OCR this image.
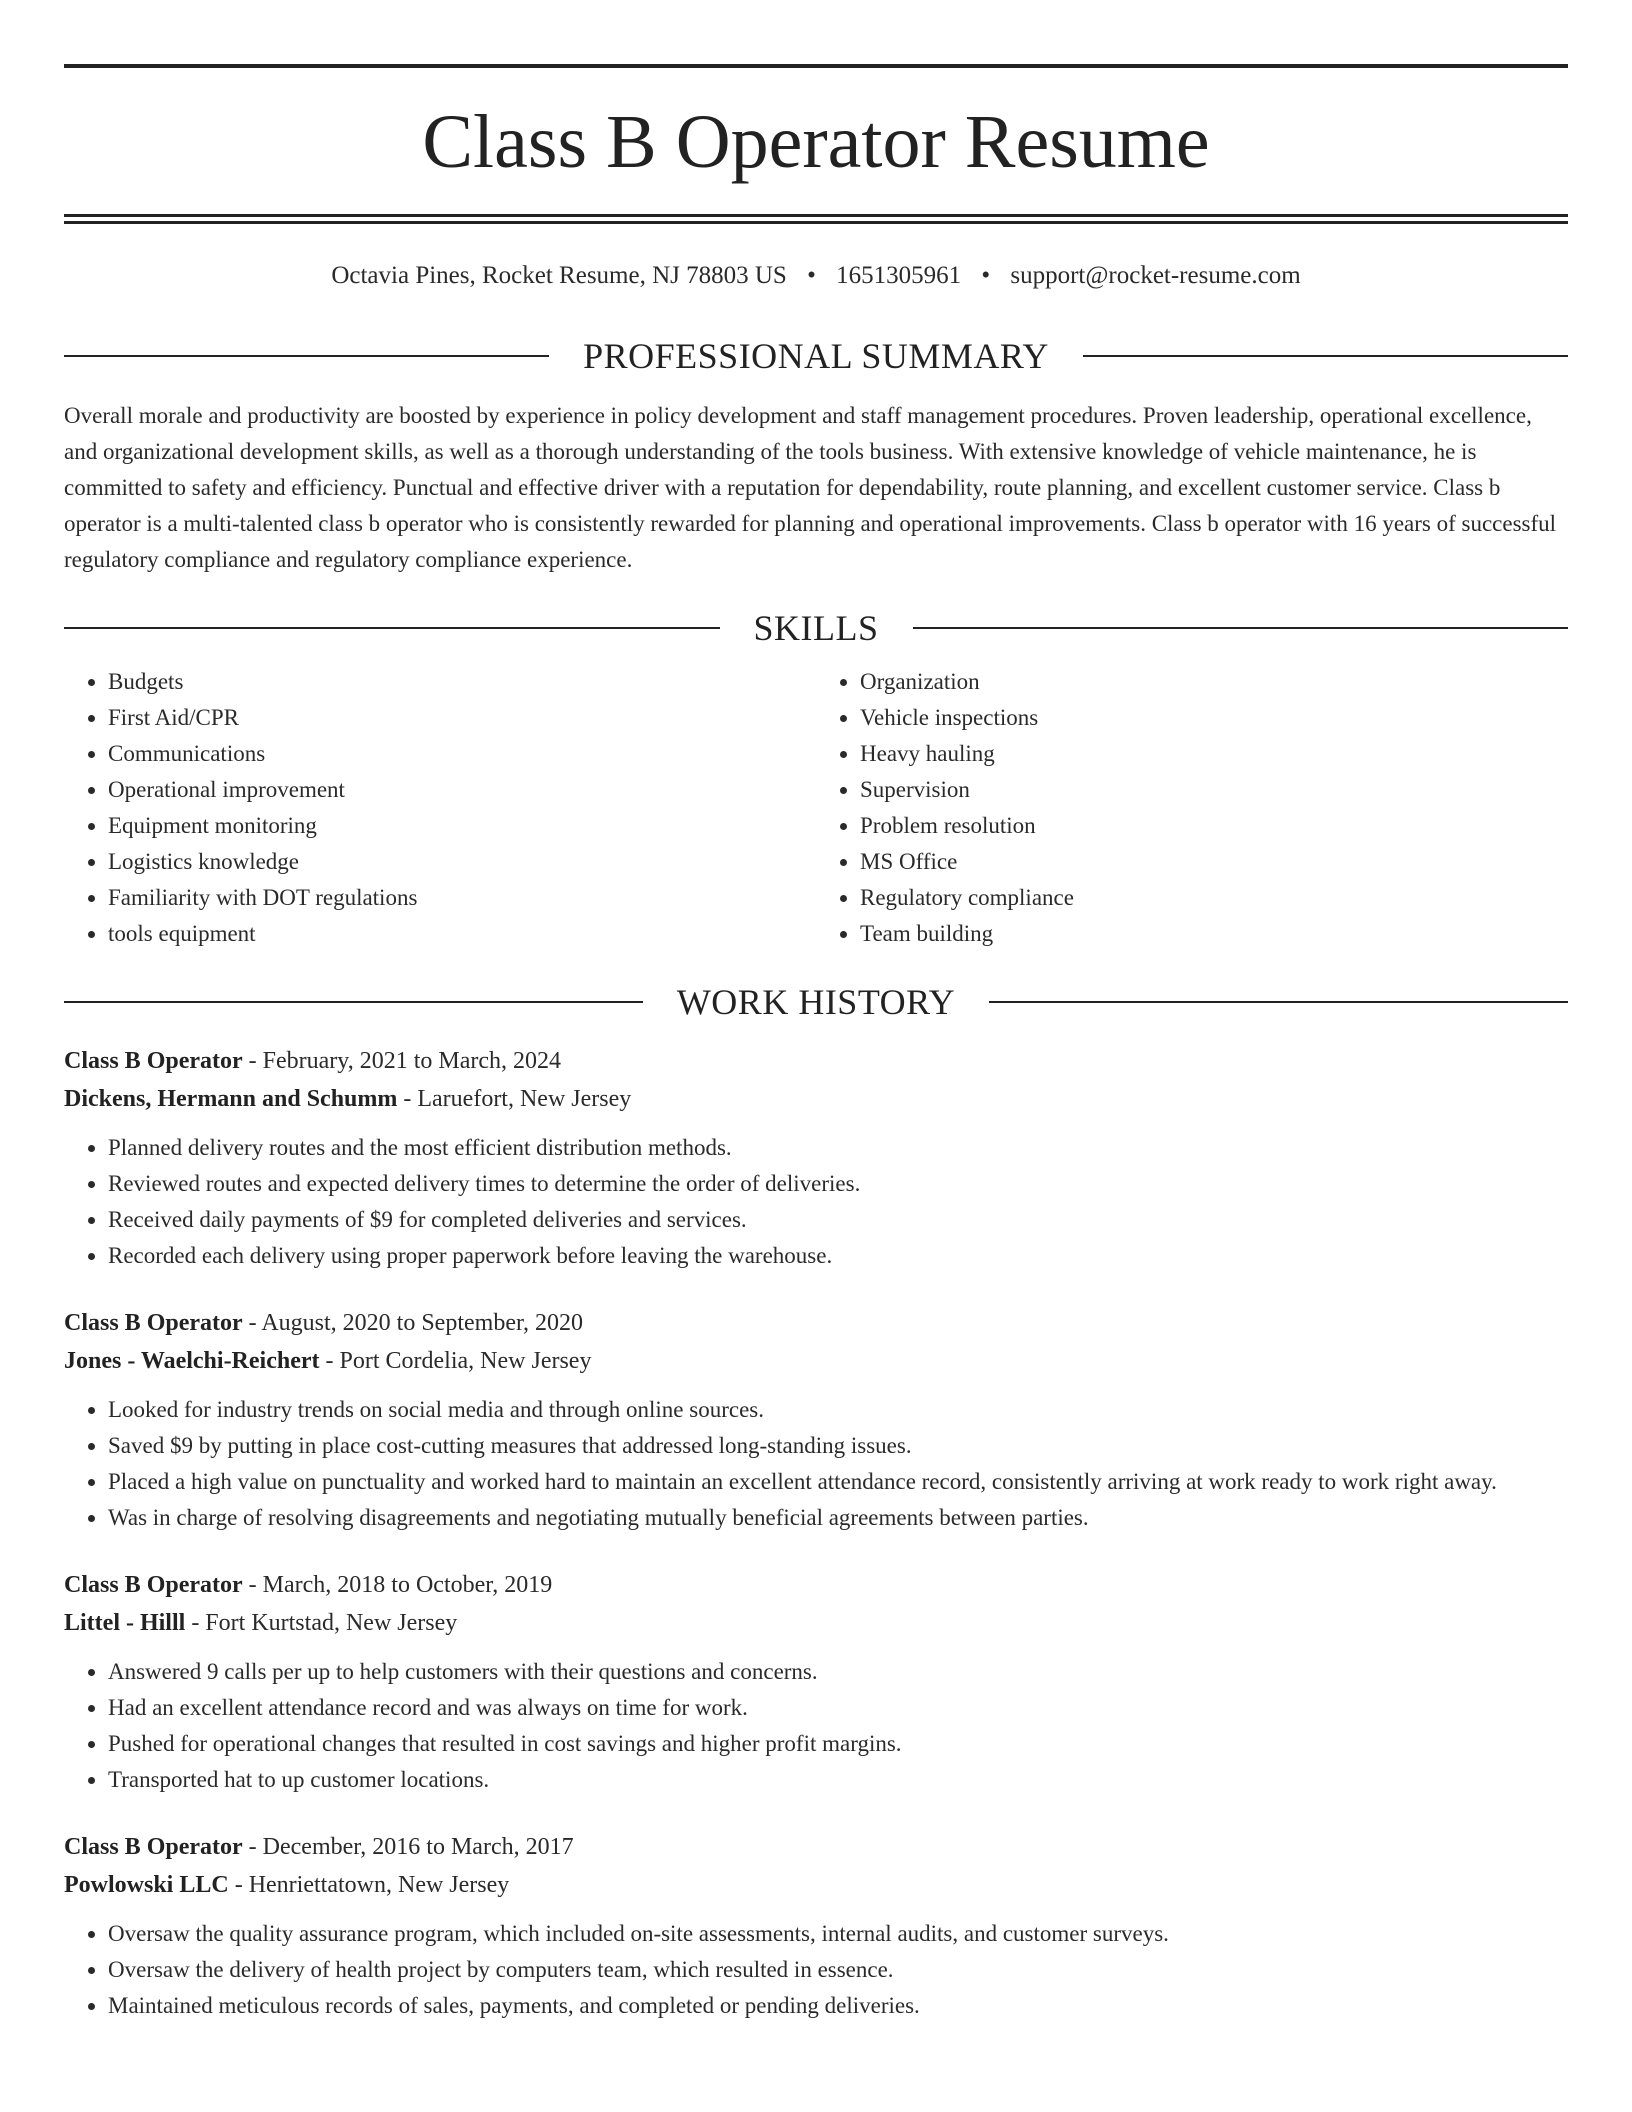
Class B Operator Resume
Octavia Pines, Rocket Resume, NJ 78803 US • 1651305961 • support@rocket-resume.com
PROFESSIONAL SUMMARY
Overall morale and productivity are boosted by experience in policy development and staff management procedures. Proven leadership, operational excellence, and organizational development skills, as well as a thorough understanding of the tools business. With extensive knowledge of vehicle maintenance, he is committed to safety and efficiency. Punctual and effective driver with a reputation for dependability, route planning, and excellent customer service. Class b operator is a multi-talented class b operator who is consistently rewarded for planning and operational improvements. Class b operator with 16 years of successful regulatory compliance and regulatory compliance experience.
SKILLS
• Budgets
• First Aid/CPR
• Communications
• Operational improvement
• Equipment monitoring
• Logistics knowledge
• Familiarity with DOT regulations
• tools equipment
• Organization
• Vehicle inspections
• Heavy hauling
• Supervision
• Problem resolution
• MS Office
• Regulatory compliance
• Team building
WORK HISTORY
Class B Operator - February, 2021 to March, 2024
Dickens, Hermann and Schumm - Laruefort, New Jersey
• Planned delivery routes and the most efficient distribution methods.
• Reviewed routes and expected delivery times to determine the order of deliveries.
• Received daily payments of $9 for completed deliveries and services.
• Recorded each delivery using proper paperwork before leaving the warehouse.
Class B Operator - August, 2020 to September, 2020
Jones - Waelchi-Reichert - Port Cordelia, New Jersey
• Looked for industry trends on social media and through online sources.
• Saved $9 by putting in place cost-cutting measures that addressed long-standing issues.
• Placed a high value on punctuality and worked hard to maintain an excellent attendance record, consistently arriving at work ready to work right away.
• Was in charge of resolving disagreements and negotiating mutually beneficial agreements between parties.
Class B Operator - March, 2018 to October, 2019
Littel - Hilll - Fort Kurtstad, New Jersey
• Answered 9 calls per up to help customers with their questions and concerns.
• Had an excellent attendance record and was always on time for work.
• Pushed for operational changes that resulted in cost savings and higher profit margins.
• Transported hat to up customer locations.
Class B Operator - December, 2016 to March, 2017
Powlowski LLC - Henriettatown, New Jersey
• Oversaw the quality assurance program, which included on-site assessments, internal audits, and customer surveys.
• Oversaw the delivery of health project by computers team, which resulted in essence.
• Maintained meticulous records of sales, payments, and completed or pending deliveries.
